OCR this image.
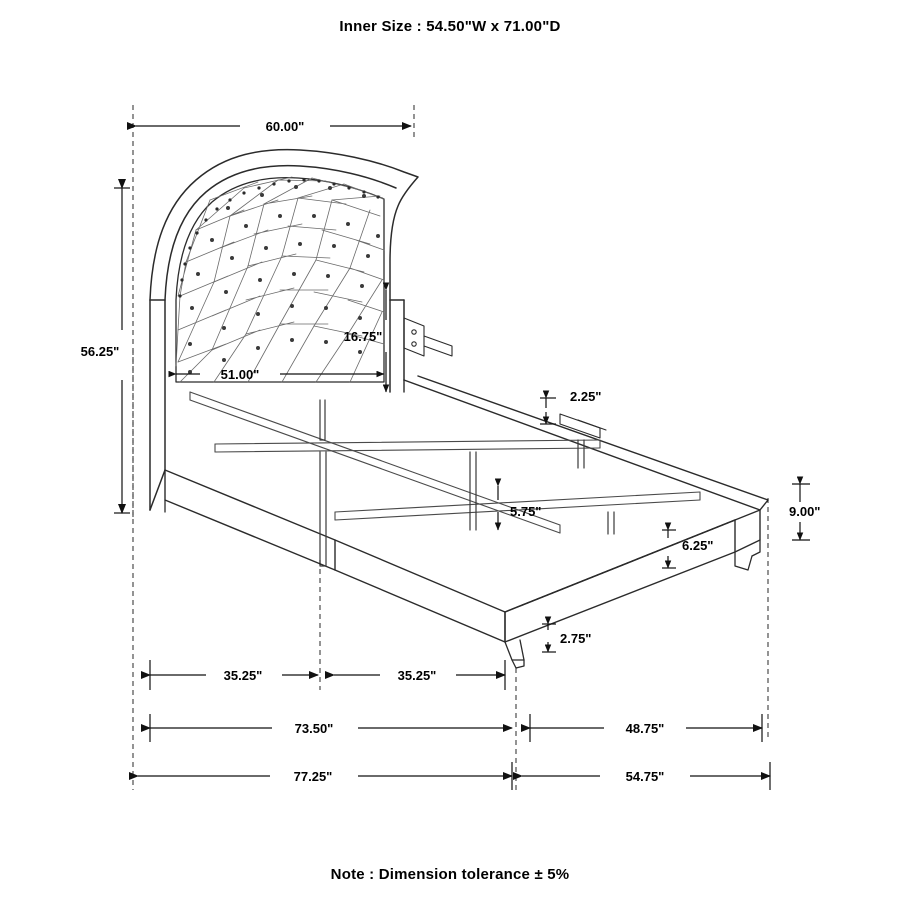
Inner Size : 54.50"W x 71.00"D
Note : Dimension tolerance ± 5%
60.00"
56.25"
51.00"
16.75"
2.25"
5.75"
6.25"
9.00"
2.75"
35.25"	35.25"
73.50"	48.75"
77.25"	54.75"
